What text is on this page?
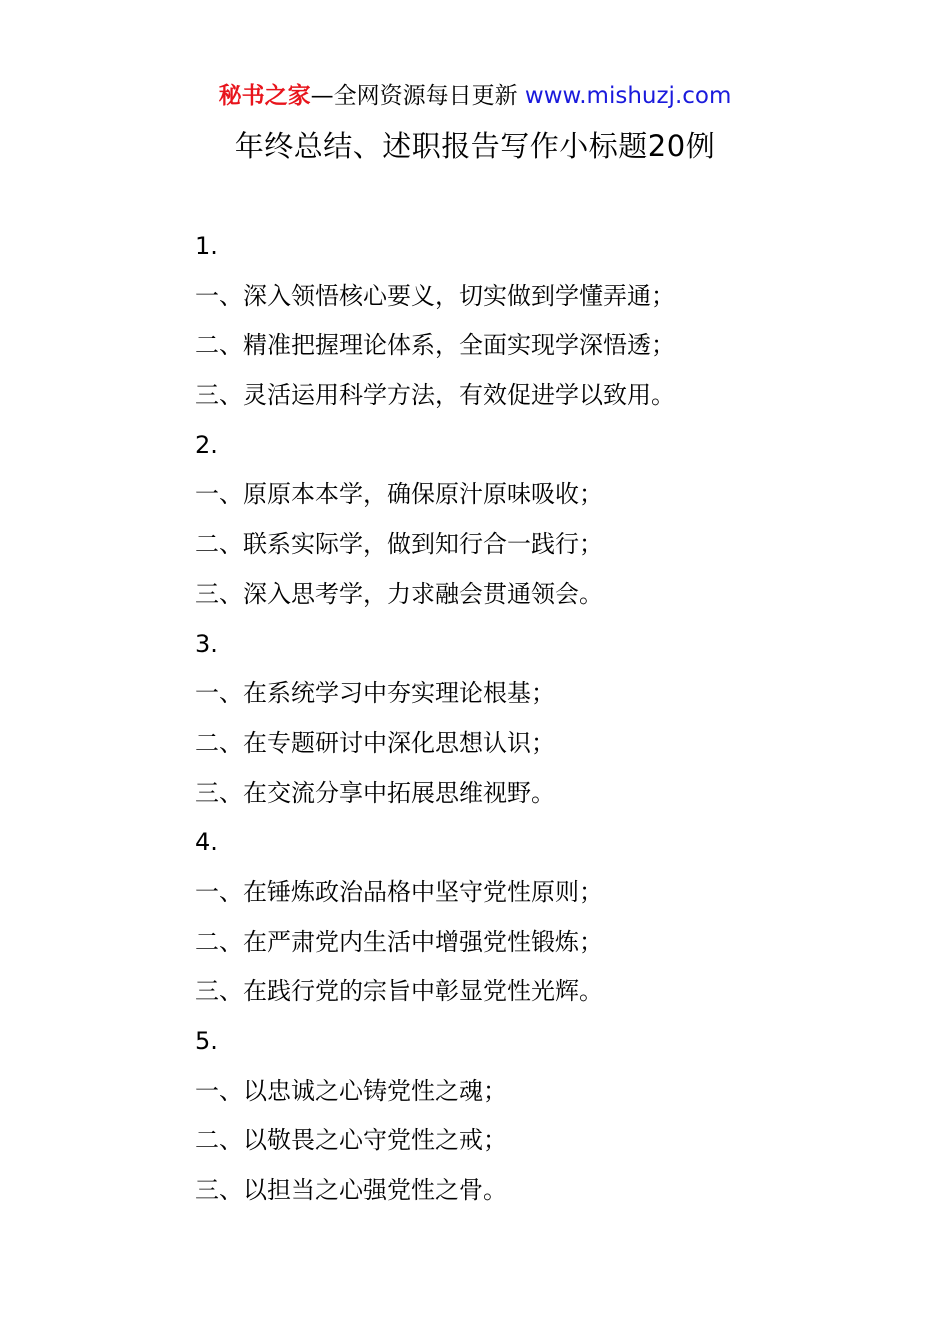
秘书之家—全网资源每日更新 www.mishuzj.com
年终总结、述职报告写作小标题20例
1.
一、深入领悟核心要义，切实做到学懂弄通；
二、精准把握理论体系，全面实现学深悟透；
三、灵活运用科学方法，有效促进学以致用。
2.
一、原原本本学，确保原汁原味吸收；
二、联系实际学，做到知行合一践行；
三、深入思考学，力求融会贯通领会。
3.
一、在系统学习中夯实理论根基；
二、在专题研讨中深化思想认识；
三、在交流分享中拓展思维视野。
4.
一、在锤炼政治品格中坚守党性原则；
二、在严肃党内生活中增强党性锻炼；
三、在践行党的宗旨中彰显党性光辉。
5.
一、以忠诚之心铸党性之魂；
二、以敬畏之心守党性之戒；
三、以担当之心强党性之骨。
